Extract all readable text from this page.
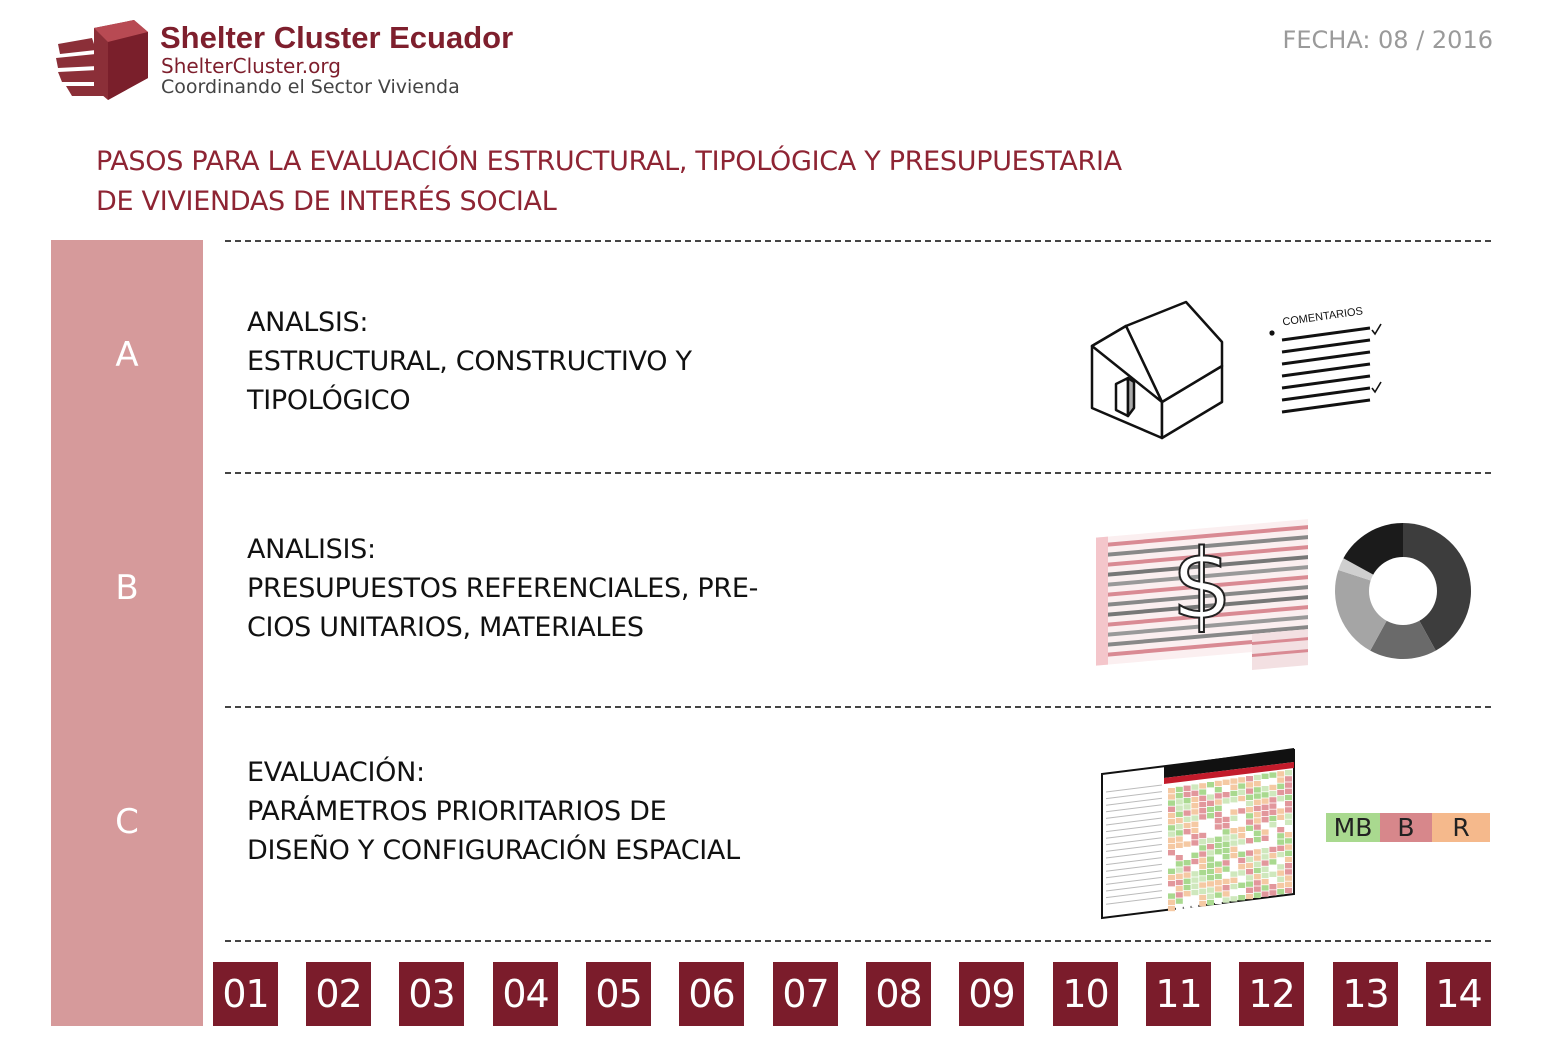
Shelter Cluster Ecuador
ShelterCluster.org
Coordinando el Sector Vivienda
FECHA: 08 / 2016
PASOS PARA LA EVALUACIÓN ESTRUCTURAL, TIPOLÓGICA Y PRESUPUESTARIA
DE VIVIENDAS DE INTERÉS SOCIAL
A
B
C
ANALSIS:
ESTRUCTURAL, CONSTRUCTIVO Y
TIPOLÓGICO
ANALISIS:
PRESUPUESTOS REFERENCIALES, PRE-
CIOS UNITARIOS, MATERIALES
EVALUACIÓN:
PARÁMETROS PRIORITARIOS DE
DISEÑO Y CONFIGURACIÓN ESPACIAL
COMENTARIOS
$
MB	B	R
01 02 03 04 05 06 07 08 09 10 11 12 13 14
